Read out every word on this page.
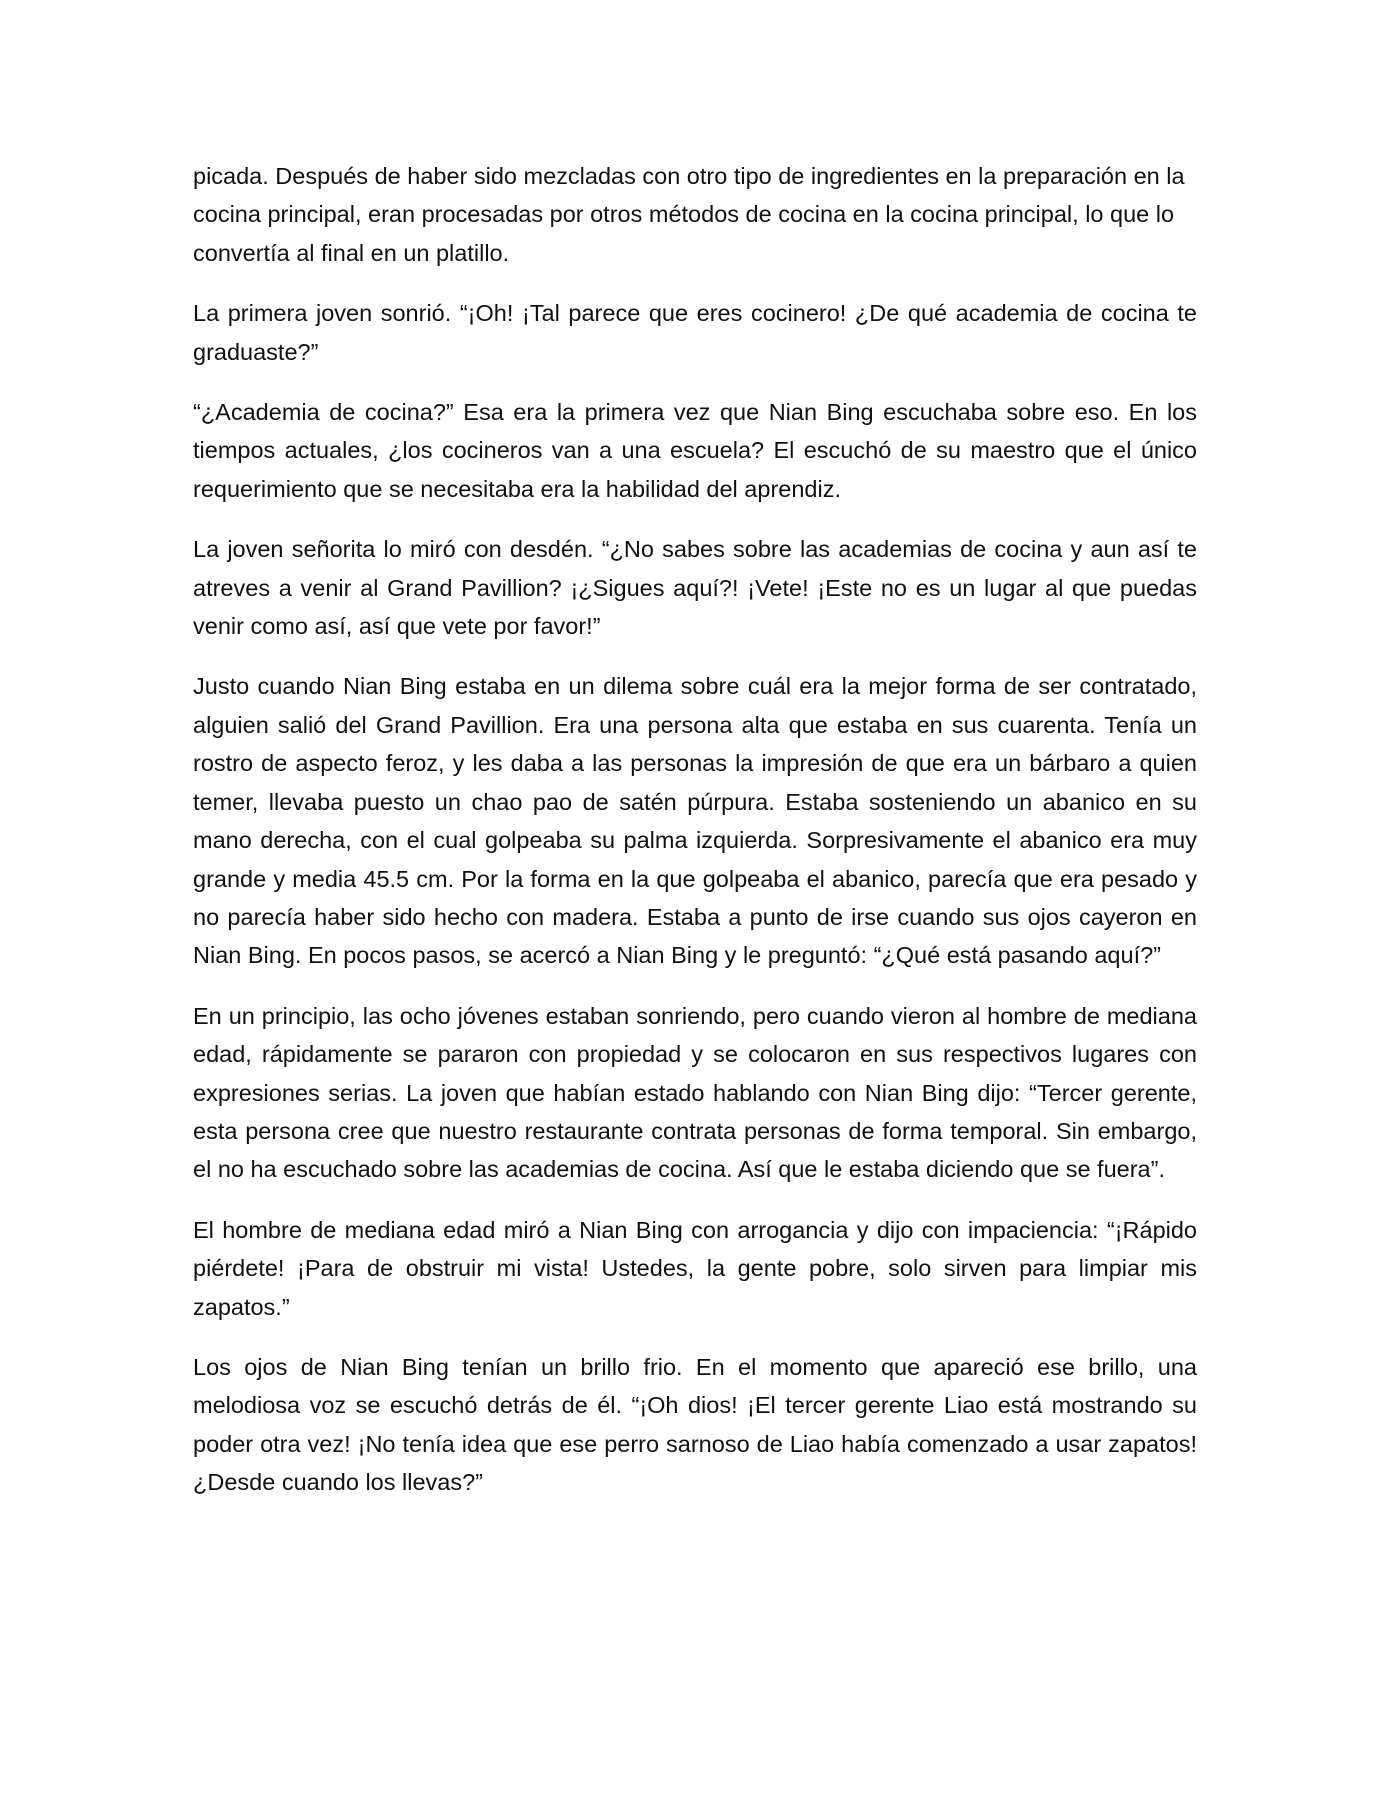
picada. Después de haber sido mezcladas con otro tipo de ingredientes en la preparación en la cocina principal, eran procesadas por otros métodos de cocina en la cocina principal, lo que lo convertía al final en un platillo.

La primera joven sonrió. “¡Oh! ¡Tal parece que eres cocinero! ¿De qué academia de cocina te graduaste?”

“¿Academia de cocina?” Esa era la primera vez que Nian Bing escuchaba sobre eso. En los tiempos actuales, ¿los cocineros van a una escuela? El escuchó de su maestro que el único requerimiento que se necesitaba era la habilidad del aprendiz.

La joven señorita lo miró con desdén. “¿No sabes sobre las academias de cocina y aun así te atreves a venir al Grand Pavillion? ¡¿Sigues aquí?! ¡Vete! ¡Este no es un lugar al que puedas venir como así, así que vete por favor!”

Justo cuando Nian Bing estaba en un dilema sobre cuál era la mejor forma de ser contratado, alguien salió del Grand Pavillion. Era una persona alta que estaba en sus cuarenta. Tenía un rostro de aspecto feroz, y les daba a las personas la impresión de que era un bárbaro a quien temer, llevaba puesto un chao pao de satén púrpura. Estaba sosteniendo un abanico en su mano derecha, con el cual golpeaba su palma izquierda. Sorpresivamente el abanico era muy grande y media 45.5 cm. Por la forma en la que golpeaba el abanico, parecía que era pesado y no parecía haber sido hecho con madera. Estaba a punto de irse cuando sus ojos cayeron en Nian Bing. En pocos pasos, se acercó a Nian Bing y le preguntó: “¿Qué está pasando aquí?”

En un principio, las ocho jóvenes estaban sonriendo, pero cuando vieron al hombre de mediana edad, rápidamente se pararon con propiedad y se colocaron en sus respectivos lugares con expresiones serias. La joven que habían estado hablando con Nian Bing dijo: “Tercer gerente, esta persona cree que nuestro restaurante contrata personas de forma temporal. Sin embargo, el no ha escuchado sobre las academias de cocina. Así que le estaba diciendo que se fuera”.

El hombre de mediana edad miró a Nian Bing con arrogancia y dijo con impaciencia: “¡Rápido piérdete! ¡Para de obstruir mi vista! Ustedes, la gente pobre, solo sirven para limpiar mis zapatos.”

Los ojos de Nian Bing tenían un brillo frio. En el momento que apareció ese brillo, una melodiosa voz se escuchó detrás de él. “¡Oh dios! ¡El tercer gerente Liao está mostrando su poder otra vez! ¡No tenía idea que ese perro sarnoso de Liao había comenzado a usar zapatos! ¿Desde cuando los llevas?”
